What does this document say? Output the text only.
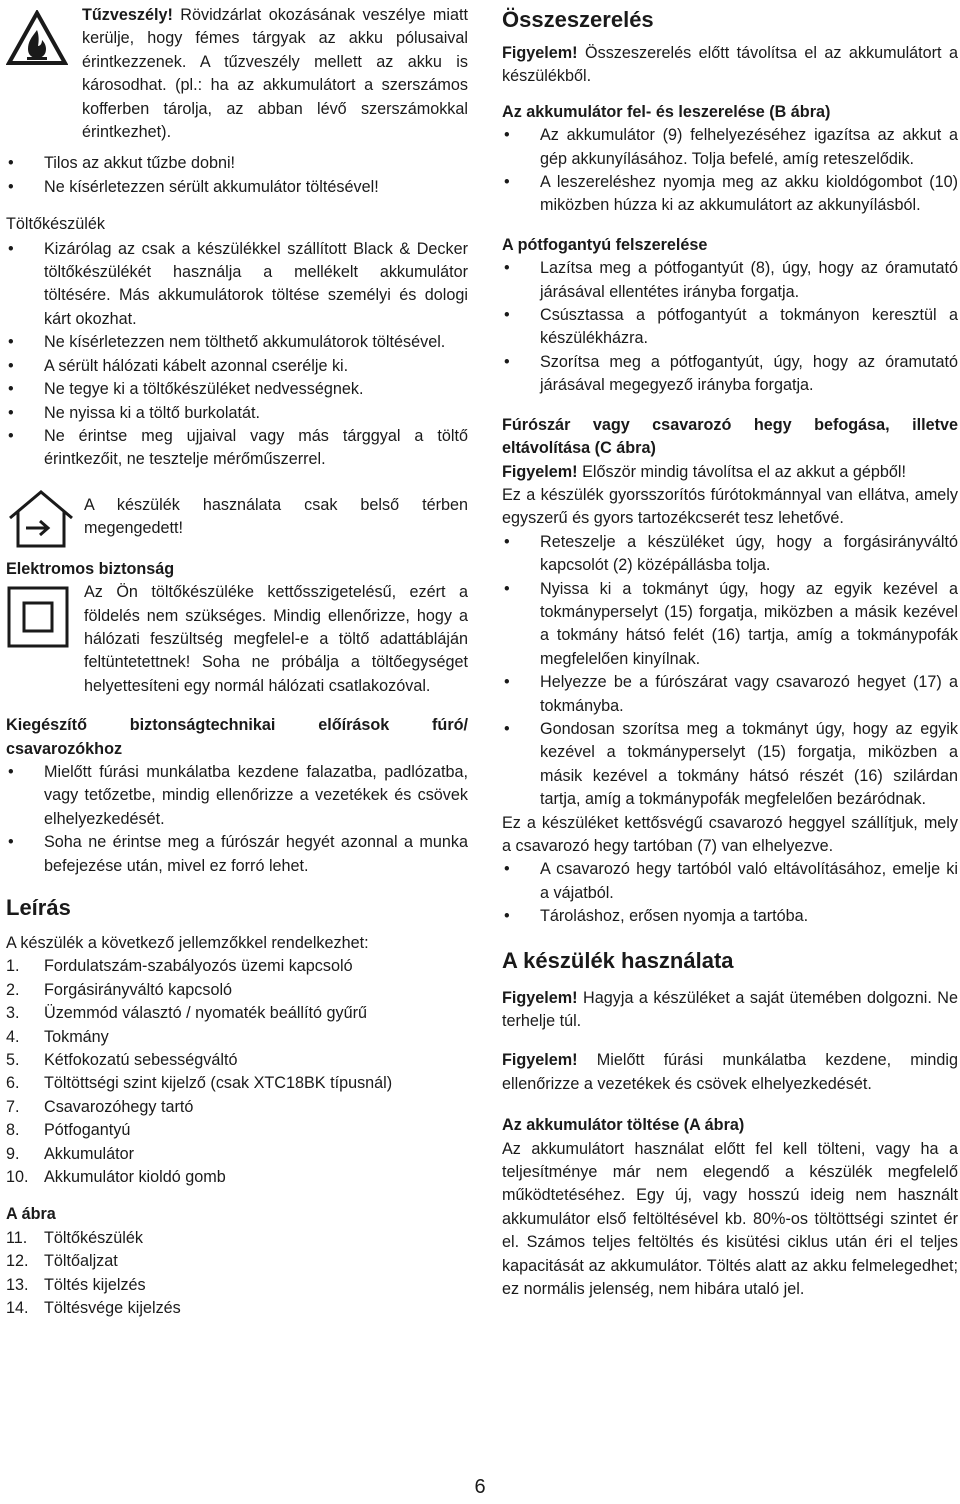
Tűzveszély! Rövidzárlat okozásának veszélye miatt kerülje, hogy fémes tárgyak az akku pólusaival érintkezzenek. A tűzveszély mellett az akku is károsodhat. (pl.: ha az akkumulátort a szerszámos kofferben tárolja, az abban lévő szerszámokkal érintkezhet).

• Tilos az akkut tűzbe dobni!
• Ne kísérletezzen sérült akkumulátor töltésével!

Töltőkészülék

• Kizárólag az csak a készülékkel szállított Black & Decker töltőkészülékét használja a mellékelt akkumulátor töltésére. Más akkumulátorok töltése személyi és dologi kárt okozhat.
• Ne kísérletezzen nem tölthető akkumulátorok töltésével.
• A sérült hálózati kábelt azonnal cserélje ki.
• Ne tegye ki a töltőkészüléket nedvességnek.
• Ne nyissa ki a töltő burkolatát.
• Ne érintse meg ujjaival vagy más tárggyal a töltő érintkezőit, ne tesztelje mérőműszerrel.

A készülék használata csak belső térben megengedett!

Elektromos biztonság

Az Ön töltőkészüléke kettősszigetelésű, ezért a földelés nem szükséges. Mindig ellenőrizze, hogy a hálózati feszültség megfelel-e a töltő adattábláján feltüntetettnek! Soha ne próbálja a töltőegységet helyettesíteni egy normál hálózati csatlakozóval.

Kiegészítő biztonságtechnikai előírások fúró/ csavarozókhoz

• Mielőtt fúrási munkálatba kezdene falazatba, padlózatba, vagy tetőzetbe, mindig ellenőrizze a vezetékek és csövek elhelyezkedését.
• Soha ne érintse meg a fúrószár hegyét azonnal a munka befejezése után, mivel ez forró lehet.
Leírás

A készülék a következő jellemzőkkel rendelkezhet:

1. Fordulatszám-szabályozós üzemi kapcsoló
2. Forgásirányváltó kapcsoló
3. Üzemmód választó / nyomaték beállító gyűrű
4. Tokmány
5. Kétfokozatú sebességváltó
6. Töltöttségi szint kijelző (csak XTC18BK típusnál)
7. Csavarozóhegy tartó
8. Pótfogantyú
9. Akkumulátor
10. Akkumulátor kioldó gomb

A ábra

11. Töltőkészülék
12. Töltőaljzat
13. Töltés kijelzés
14. Töltésvége kijelzés
Összeszerelés

Figyelem! Összeszerelés előtt távolítsa el az akkumulátort a készülékből.

Az akkumulátor fel- és leszerelése (B ábra)

• Az akkumulátor (9) felhelyezéséhez igazítsa az akkut a gép akkunyílásához. Tolja befelé, amíg reteszelődik.
• A leszereléshez nyomja meg az akku kioldógombot (10) miközben húzza ki az akkumulátort az akkunyílásból.

A pótfogantyú felszerelése

• Lazítsa meg a pótfogantyút (8), úgy, hogy az óramutató járásával ellentétes irányba forgatja.
• Csúsztassa a pótfogantyút a tokmányon keresztül a készülékházra.
• Szorítsa meg a pótfogantyút, úgy, hogy az óramutató járásával megegyező irányba forgatja.

Fúrószár vagy csavarozó hegy befogása, illetve eltávolítása (C ábra)

Figyelem! Először mindig távolítsa el az akkut a gépből!

Ez a készülék gyorsszorítós fúrótokmánnyal van ellátva, amely egyszerű és gyors tartozékcserét tesz lehetővé.

• Reteszelje a készüléket úgy, hogy a forgásirányváltó kapcsolót (2) középállásba tolja.
• Nyissa ki a tokmányt úgy, hogy az egyik kezével a tokmányperselyt (15) forgatja, miközben a másik kezével a tokmány hátsó felét (16) tartja, amíg a tokmánypofák megfelelően kinyílnak.
• Helyezze be a fúrószárat vagy csavarozó hegyet (17) a tokmányba.
• Gondosan szorítsa meg a tokmányt úgy, hogy az egyik kezével a tokmányperselyt (15) forgatja, miközben a másik kezével a tokmány hátsó részét (16) szilárdan tartja, amíg a tokmánypofák megfelelően bezáródnak.

Ez a készüléket kettősvégű csavarozó heggyel szállítjuk, mely a csavarozó hegy tartóban (7) van elhelyezve.

• A csavarozó hegy tartóból való eltávolításához, emelje ki a vájatból.
• Tároláshoz, erősen nyomja a tartóba.
A készülék használata

Figyelem! Hagyja a készüléket a saját ütemében dolgozni. Ne terhelje túl.

Figyelem! Mielőtt fúrási munkálatba kezdene, mindig ellenőrizze a vezetékek és csövek elhelyezkedését.

Az akkumulátor töltése (A ábra)

Az akkumulátort használat előtt fel kell tölteni, vagy ha a teljesítménye már nem elegendő a készülék megfelelő működtetéséhez. Egy új, vagy hosszú ideig nem használt akkumulátor első feltöltésével kb. 80%-os töltöttségi szintet ér el. Számos teljes feltöltés és kisütési ciklus után éri el teljes kapacitását az akkumulátor. Töltés alatt az akku felmelegedhet; ez normális jelenség, nem hibára utaló jel.

6
